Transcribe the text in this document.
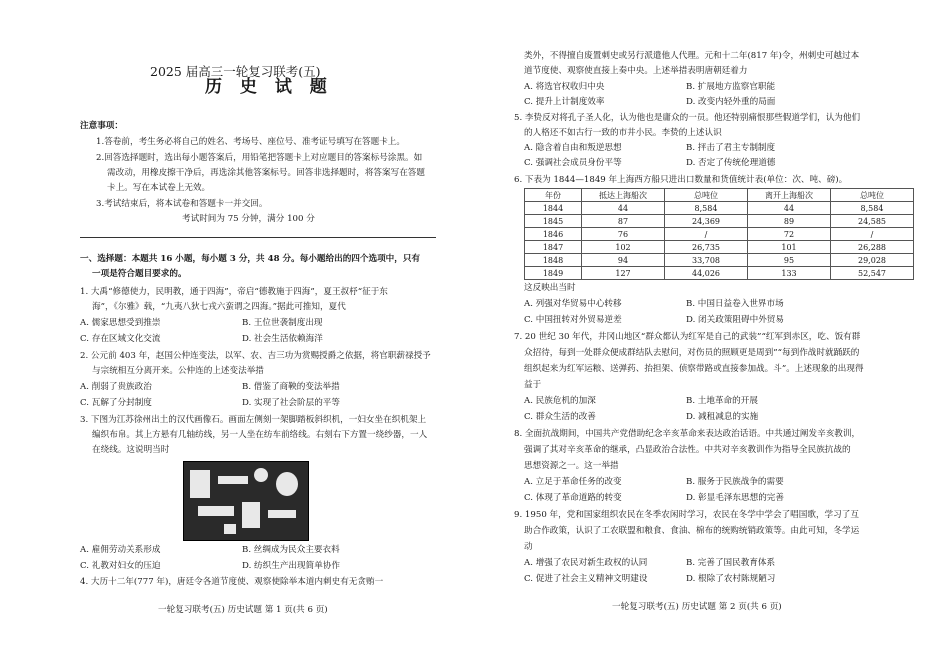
2025 届高三一轮复习联考(五)
历 史 试 题
注意事项：
1.答卷前，考生务必将自己的姓名、考场号、座位号、准考证号填写在答题卡上。
2.回答选择题时，选出每小题答案后，用铅笔把答题卡上对应题目的答案标号涂黑。如
需改动，用橡皮擦干净后，再选涂其他答案标号。回答非选择题时，将答案写在答题
卡上。写在本试卷上无效。
3.考试结束后，将本试卷和答题卡一并交回。
考试时间为 75 分钟，满分 100 分
一、选择题：本题共 16 小题，每小题 3 分，共 48 分。每小题给出的四个选项中，只有
一项是符合题目要求的。
1. 大禹“修德使力，民明教，通于四海”，帝启“德教施于四海”，夏王叔杼“征于东
海”，《尔雅》载，“九夷八狄七戎六蛮谓之四海。”据此可推知，夏代
A. 儒家思想受到推崇	B. 王位世袭制度出现
C. 存在区域文化交流	D. 社会生活依赖海洋
2. 公元前 403 年，赵国公仲连变法，以军、农、吉三功为赏赐授爵之依据，将官职薪禄授予
与宗统相互分离开来。公仲连的上述变法举措
A. 削弱了贵族政治	B. 借鉴了商鞅的变法举措
C. 瓦解了分封制度	D. 实现了社会阶层的平等
3. 下图为江苏徐州出土的汉代画像石。画面左侧刻一架脚踏板斜织机，一妇女坐在织机架上
编织布帛。其上方悬有几轴纺线，另一人坐在纺车前络线。右刻右下方置一绕纱器，一人
在绕线。这说明当时
A. 雇佣劳动关系形成	B. 丝绸成为民众主要衣料
C. 礼教对妇女的压迫	D. 纺织生产出现简单协作
4. 大历十二年(777 年)，唐廷令各道节度使、观察使除举本道内刺史有无贪贿一
一轮复习联考(五) 历史试题 第 1 页(共 6 页)
类外，不得擅自废置刺史或另行派遣他人代理。元和十二年(817 年)令，州刺史可越过本
道节度使、观察使直接上奏中央。上述举措表明唐朝廷着力
A. 将选官权收归中央	B. 扩展地方监察官职能
C. 提升上计制度效率	D. 改变内轻外重的局面
5. 李贽反对将孔子圣人化，认为他也是庸众的一员。他还特别痛恨那些假道学们，认为他们
的人格还不如古行一致的市井小民。李贽的上述认识
A. 隐含着自由和叛逆思想	B. 抨击了君主专制制度
C. 强调社会成员身份平等	D. 否定了传统伦理道德
6. 下表为 1844—1849 年上海西方船只进出口数量和货值统计表(单位：次、吨、磅)。
年份	抵达上海船次	总吨位	离开上海船次	总吨位
1844	44	8,584	44	8,584
1845	87	24,369	89	24,585
1846	76	/	72	/
1847	102	26,735	101	26,288
1848	94	33,708	95	29,028
1849	127	44,026	133	52,547
这反映出当时
A. 列强对华贸易中心转移	B. 中国日益卷入世界市场
C. 中国扭转对外贸易逆差	D. 闭关政策阻碍中外贸易
7. 20 世纪 30 年代，井冈山地区“群众都认为红军是自己的武装”“红军到赤区，吃、饭有群
众招待，每到一处群众便成群结队去慰问，对伤员的照顾更是周到”“每到作战时就踊跃的
组织起来为红军运粮、送弹药、抬担架、侦察带路或直接参加战。斗”。上述现象的出现得
益于
A. 民族危机的加深	B. 土地革命的开展
C. 群众生活的改善	D. 减租减息的实施
8. 全面抗战期间，中国共产党借助纪念辛亥革命来表达政治话语。中共通过阐发辛亥教训，
强调了其对辛亥革命的继承，凸显政治合法性。中共对辛亥教训作为指导全民族抗战的
思想资源之一。这一举措
A. 立足于革命任务的改变	B. 服务于民族战争的需要
C. 体现了革命道路的转变	D. 彰显毛泽东思想的完善
9. 1950 年，党和国家组织农民在冬季农闲时学习，农民在冬学中学会了唱国歌，学习了互
助合作政策，认识了工农联盟和粮食、食油、棉布的统购统销政策等。由此可知，冬学运
动
A. 增强了农民对新生政权的认同	B. 完善了国民教育体系
C. 促进了社会主义精神文明建设	D. 根除了农村陈规陋习
一轮复习联考(五) 历史试题 第 2 页(共 6 页)
